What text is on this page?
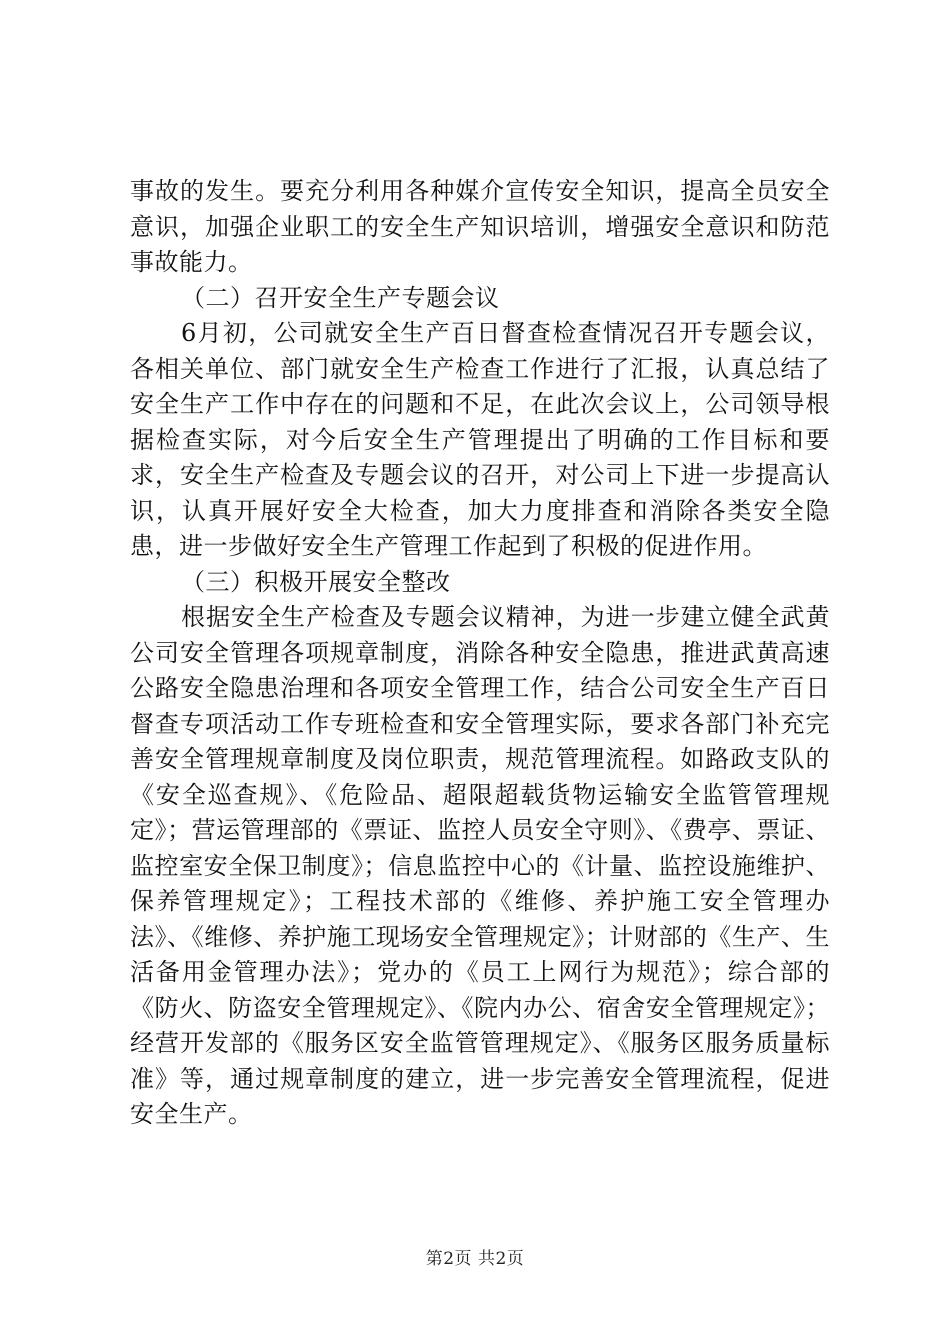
事故的发生。要充分利用各种媒介宣传安全知识，提高全员安全意识，加强企业职工的安全生产知识培训，增强安全意识和防范事故能力。

（二）召开安全生产专题会议

6月初，公司就安全生产百日督查检查情况召开专题会议，各相关单位、部门就安全生产检查工作进行了汇报，认真总结了安全生产工作中存在的问题和不足，在此次会议上，公司领导根据检查实际，对今后安全生产管理提出了明确的工作目标和要求，安全生产检查及专题会议的召开，对公司上下进一步提高认识，认真开展好安全大检查，加大力度排查和消除各类安全隐患，进一步做好安全生产管理工作起到了积极的促进作用。

（三）积极开展安全整改

根据安全生产检查及专题会议精神，为进一步建立健全武黄公司安全管理各项规章制度，消除各种安全隐患，推进武黄高速公路安全隐患治理和各项安全管理工作，结合公司安全生产百日督查专项活动工作专班检查和安全管理实际，要求各部门补充完善安全管理规章制度及岗位职责，规范管理流程。如路政支队的《安全巡查规》、《危险品、超限超载货物运输安全监管管理规定》；营运管理部的《票证、监控人员安全守则》、《费亭、票证、监控室安全保卫制度》；信息监控中心的《计量、监控设施维护、保养管理规定》；工程技术部的《维修、养护施工安全管理办法》、《维修、养护施工现场安全管理规定》；计财部的《生产、生活备用金管理办法》；党办的《员工上网行为规范》；综合部的《防火、防盗安全管理规定》、《院内办公、宿舍安全管理规定》；经营开发部的《服务区安全监管管理规定》、《服务区服务质量标准》等，通过规章制度的建立，进一步完善安全管理流程，促进安全生产。

第2页 共2页
